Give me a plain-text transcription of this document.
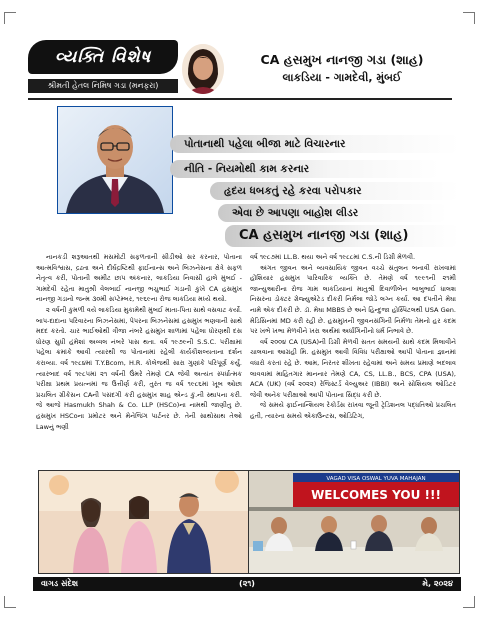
વ્યક્તિ વિશેષ
શ્રીમતી હેતલ નિમિષ ગડા (મનફરા)
CA હસમુખ નાનજી ગડા (શાહ)
લાકડિયા - ગામદેવી, મુંબઈ
પોતાનાથી પહેલા બીજા માટે વિચારનાર
નીતિ - નિયમોથી કામ કરનાર
હૃદય ધબકતું રહે કરવા પરોપકાર
એવા છે આપણા બાહોશ લીડર
CA હસમુખ નાનજી ગડા (શાહ)

નાનકડી શરૂઆતથી મસમોટી સફળતાની સીડીઓ સર કરનાર, પોતાના આત્મવિશ્વાસ, દ્રઢતા અને દીર્ઘદ્રષ્ટિથી ફાઈનાન્સ અને બિઝનેસના ક્ષેત્રે સફળ નેતૃત્વ કરી, પોતાની અમીટ છાપ અંકનાર, લાકડિયા નિવાસી હાલે મુંબઈ - ગામદેવી રહેતા માતુશ્રી વેલબાઈ નાનજી ભચુભાઈ ગડાની કુખે CA હસમુખ નાનજી ગડાનો જન્મ ૩૦મી સપ્ટેમ્બર, ૧૯૬૯ના રોજ લાકડિયા મધ્યે થયો.

૨ વર્ષની કુમળી વયે લાકડિયા મુકામેથી મુંબઈ માતા-પિતા સાથે વસવાટ કર્યો. બાપ-દાદાના પરિવારના બિઝનેસમાં, પેપરના બિઝનેસમાં હસમુખ ભણવાની સાથે મદદ કરતો. ચાર ભાઈઓથી ત્રીજા નંબરે હસમુખ શાળામાં પહેલા ધોરણથી દસ ધોરણ સુધી હંમેશાં અવ્વલ નંબરે પાસ થતા. વર્ષ ૧૯૭૯ની S.S.C. પરીક્ષામાં પહેલા ક્રમાંકે આવી ત્યારથી જ પોતાનામાં રહેલી કાર્યકૌશલ્યતાના દર્શન કરાવ્યા. વર્ષ ૧૯૮૪માં T.Y.Bcom, H.R. કોલેજથી સારા ગુણાંકે પરિપૂર્ણ કર્યું. ત્યારબાદ વર્ષ ૧૯૮૫માં ૨૧ વર્ષની ઉંમરે તેમણે CA જેવી અત્યંત સ્પર્ધાત્મક પરીક્ષા પ્રથમ પ્રયત્નમાં જ ઉત્તીર્ણ કરી, તુરંત જ વર્ષ ૧૯૮૬માં ખૂબ ઓછા પ્રચલિત ગ્રીકેસન CAની પસંદગી કરી હસમુખ શાહ એન્ડ કું.ની સ્થાપના કરી. જે આજે Hasmukh Shah & Co. LLP (HSCo)ના નામથી જાણીતુ છે. હસમુખ HSCoના પ્રમોટર અને મેનેજિંગ પાર્ટનર છે. તેની સાથોસાથ તેઓ Lawનું ભણી

વર્ષ ૧૯૮૭માં LL.B. થયા અને વર્ષ ૧૯૮૮માં C.S.ની ડિગ્રી મેળવી.

અંગત જીવન અને વ્યવસાયિક જીવન વચ્ચે સંતુલન બનાવી રાખવામાં હોંશિયાર હસમુખ પારિવારિક વ્યક્તિ છે. તેમણે વર્ષ ૧૯૯૧ની ૨૧મી જાન્યુઆરીના રોજ ગામ લાકડિયાનાં માતુશ્રી દિવાળીબેન બાબુભાઈ ધાલશ નિસરના ડોક્ટર ગ્રેજ્યુએટેડ દીકરી નિર્મલા જોડે લગ્ન કર્યા. આ દંપતીને મેઘા નામે એક દીકરી છે. ડૉ. મેઘા MBBS છે અને હિન્દુજા હોસ્પિટલથી USA Gen. મેડિસિનમાં MD કરી રહી છે. હસમુખની જીવનસંગિની નિર્મળા તેમનો હર કદમ પર ખભે ખભા મેળવીને ખરા અર્થમાં અર્ધાંગિનીનો ધર્મ નિભાવે છે.

વર્ષ ૨૦૦૪ CA (USA)ની ડિગ્રી મેળવી સતત સમયની સાથે કદમ મિલાવીને ચાલવાના આગ્રહી મિ. હસમુખ આવી વિવિધ પરીક્ષાઓ આપી પોતાના જ્ઞાનમાં વધારો કરતાં રહે છે. આમ, નિરંતર શીખતા રહેવામાં અને સમય પ્રમાણે બદલાવ લાવવામાં માહિતગાર માનનાર તેમણે CA, CS, LL.B., BCS, CPA (USA), ACA (UK) (વર્ષ ૨૦૨૨) રેજિસ્ટર્ડ વેલ્યુઅર (IBBI) અને સોશિયલ ઓડિટર જેવી અનેક પરીક્ષાઓ આપી પોતાના સિદ્ધ કરી છે.

જે સમયે ફાઈનાન્શિયલ રેકોર્ડસ રાખવા જૂની ટ્રેડિશનલ પદ્ધતિઓ પ્રચલિત હતી, ત્યારના સમયે એકાઉન્ટસ, ઓડિટિંગ,

VAGAD VISA OSWAL YUVA MAHAJAN
WELCOMES YOU !!!
વાગડ સંદેશ	(૨૧)	મે, ૨૦૨૪
